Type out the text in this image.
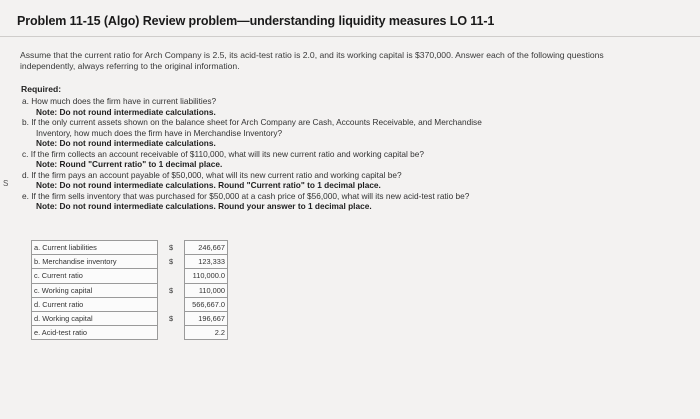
Problem 11-15 (Algo) Review problem—understanding liquidity measures LO 11-1
Assume that the current ratio for Arch Company is 2.5, its acid-test ratio is 2.0, and its working capital is $370,000. Answer each of the following questions independently, always referring to the original information.
Required:
a. How much does the firm have in current liabilities?
Note: Do not round intermediate calculations.
b. If the only current assets shown on the balance sheet for Arch Company are Cash, Accounts Receivable, and Merchandise
Inventory, how much does the firm have in Merchandise Inventory?
Note: Do not round intermediate calculations.
c. If the firm collects an account receivable of $110,000, what will its new current ratio and working capital be?
Note: Round "Current ratio" to 1 decimal place.
d. If the firm pays an account payable of $50,000, what will its new current ratio and working capital be?
Note: Do not round intermediate calculations. Round "Current ratio" to 1 decimal place.
e. If the firm sells inventory that was purchased for $50,000 at a cash price of $56,000, what will its new acid-test ratio be?
Note: Do not round intermediate calculations. Round your answer to 1 decimal place.
S
a. Current liabilities	$	246,667
b. Merchandise inventory	$	123,333
c. Current ratio		110,000.0
c. Working capital	$	110,000
d. Current ratio		566,667.0
d. Working capital	$	196,667
e. Acid-test ratio		2.2
